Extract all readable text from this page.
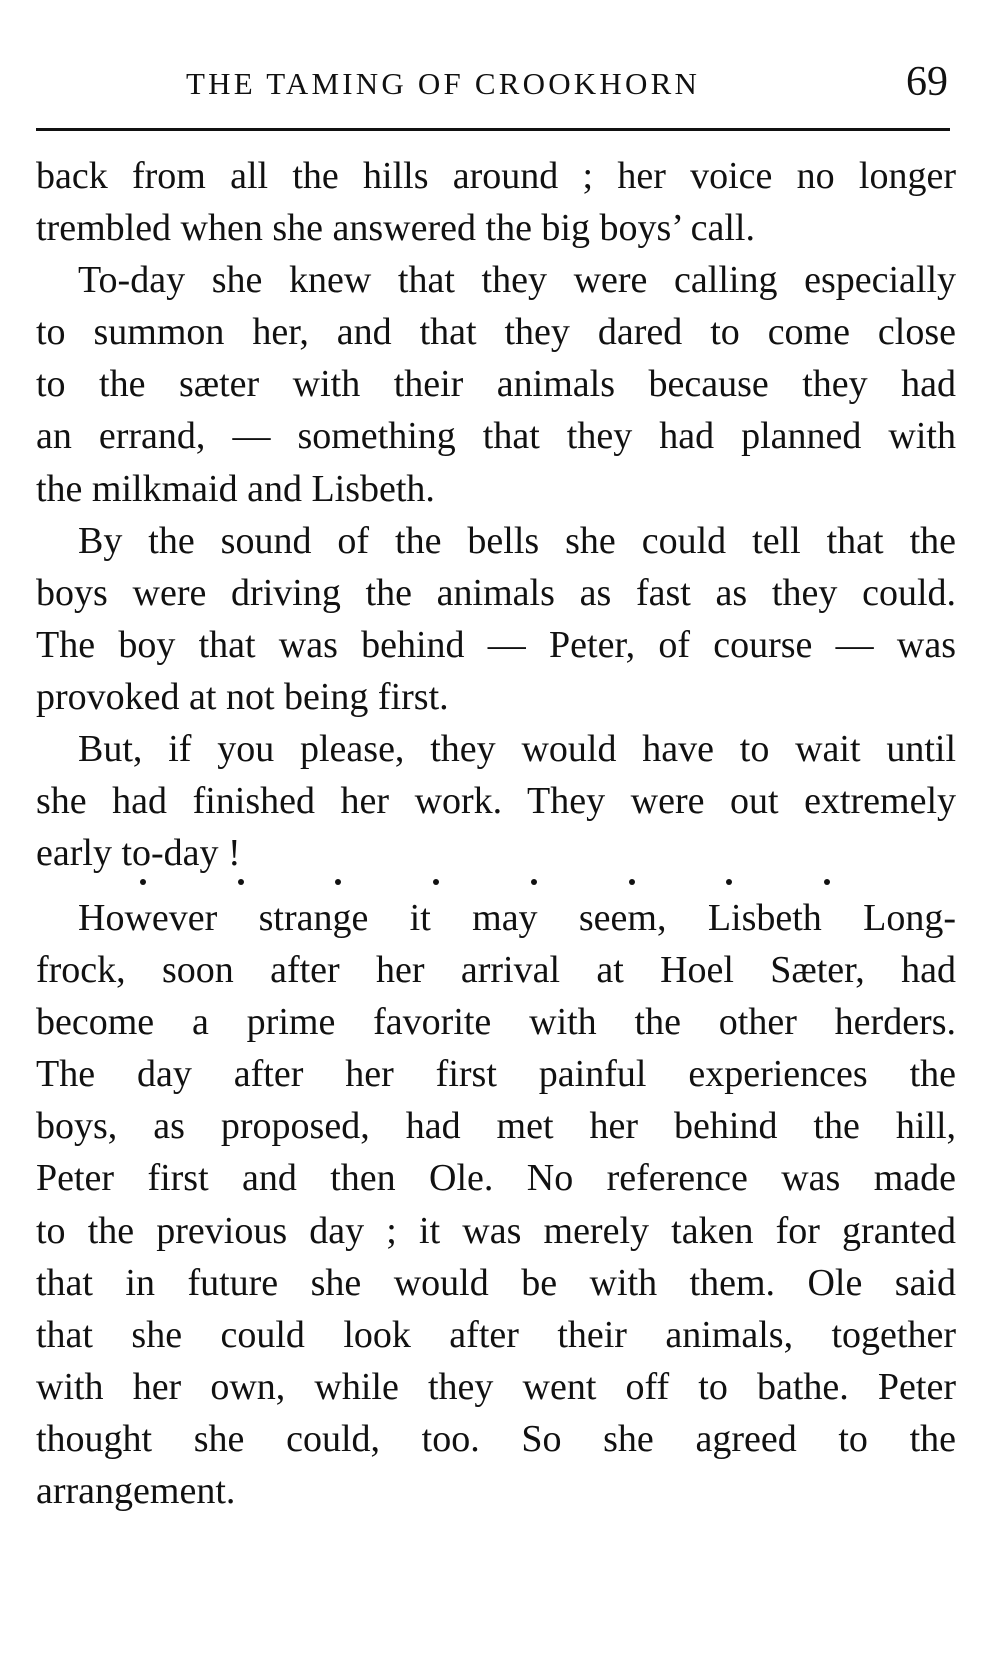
THE TAMING OF CROOKHORN	69
back from all the hills around ; her voice no longer
trembled when she answered the big boys’ call.
To-day she knew that they were calling especially
to summon her, and that they dared to come close
to the sæter with their animals because they had
an errand, — something that they had planned with
the milkmaid and Lisbeth.
By the sound of the bells she could tell that the
boys were driving the animals as fast as they could.
The boy that was behind — Peter, of course — was
provoked at not being first.
But, if you please, they would have to wait until
she had finished her work. They were out extremely
early to-day !
However strange it may seem, Lisbeth Long-
frock, soon after her arrival at Hoel Sæter, had
become a prime favorite with the other herders.
The day after her first painful experiences the
boys, as proposed, had met her behind the hill,
Peter first and then Ole. No reference was made
to the previous day ; it was merely taken for granted
that in future she would be with them. Ole said
that she could look after their animals, together
with her own, while they went off to bathe. Peter
thought she could, too. So she agreed to the
arrangement.
